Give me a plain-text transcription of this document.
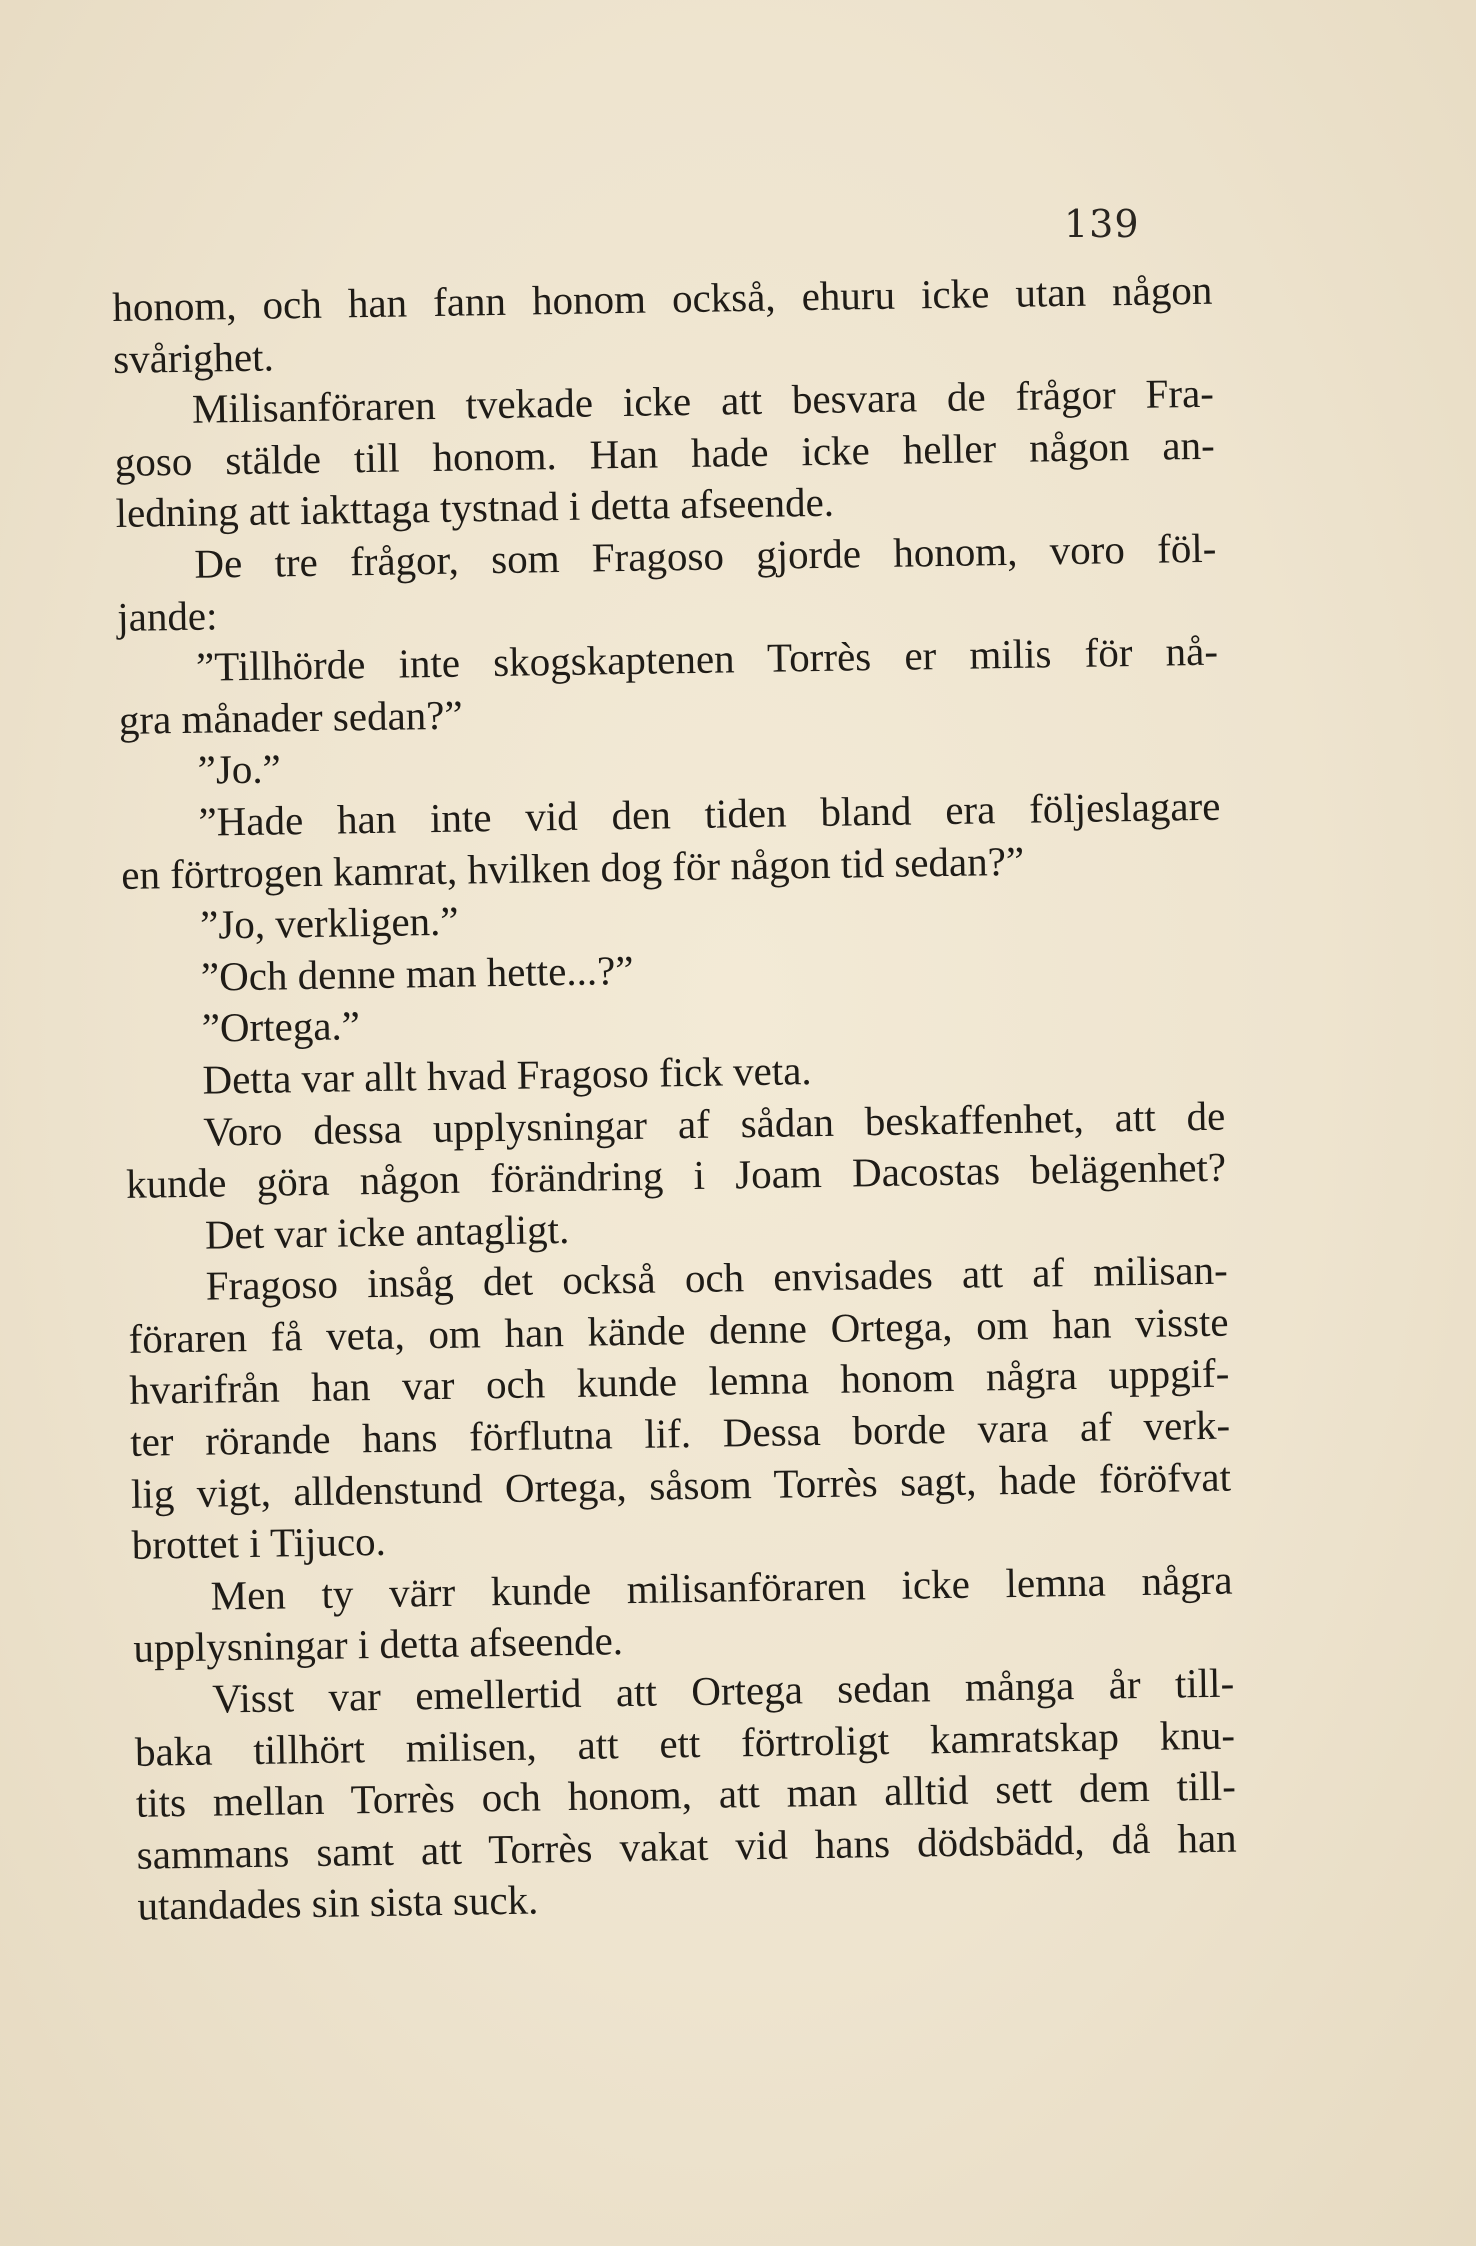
139
honom, och han fann honom också, ehuru icke utan någon
svårighet.
Milisanföraren tvekade icke att besvara de frågor Fra-
goso stälde till honom. Han hade icke heller någon an-
ledning att iakttaga tystnad i detta afseende.
De tre frågor, som Fragoso gjorde honom, voro föl-
jande:
”Tillhörde inte skogskaptenen Torrès er milis för nå-
gra månader sedan?”
”Jo.”
”Hade han inte vid den tiden bland era följeslagare
en förtrogen kamrat, hvilken dog för någon tid sedan?”
”Jo, verkligen.”
”Och denne man hette...?”
”Ortega.”
Detta var allt hvad Fragoso fick veta.
Voro dessa upplysningar af sådan beskaffenhet, att de
kunde göra någon förändring i Joam Dacostas belägenhet?
Det var icke antagligt.
Fragoso insåg det också och envisades att af milisan-
föraren få veta, om han kände denne Ortega, om han visste
hvarifrån han var och kunde lemna honom några uppgif-
ter rörande hans förflutna lif. Dessa borde vara af verk-
lig vigt, alldenstund Ortega, såsom Torrès sagt, hade föröfvat
brottet i Tijuco.
Men ty värr kunde milisanföraren icke lemna några
upplysningar i detta afseende.
Visst var emellertid att Ortega sedan många år till-
baka tillhört milisen, att ett förtroligt kamratskap knu-
tits mellan Torrès och honom, att man alltid sett dem till-
sammans samt att Torrès vakat vid hans dödsbädd, då han
utandades sin sista suck.
